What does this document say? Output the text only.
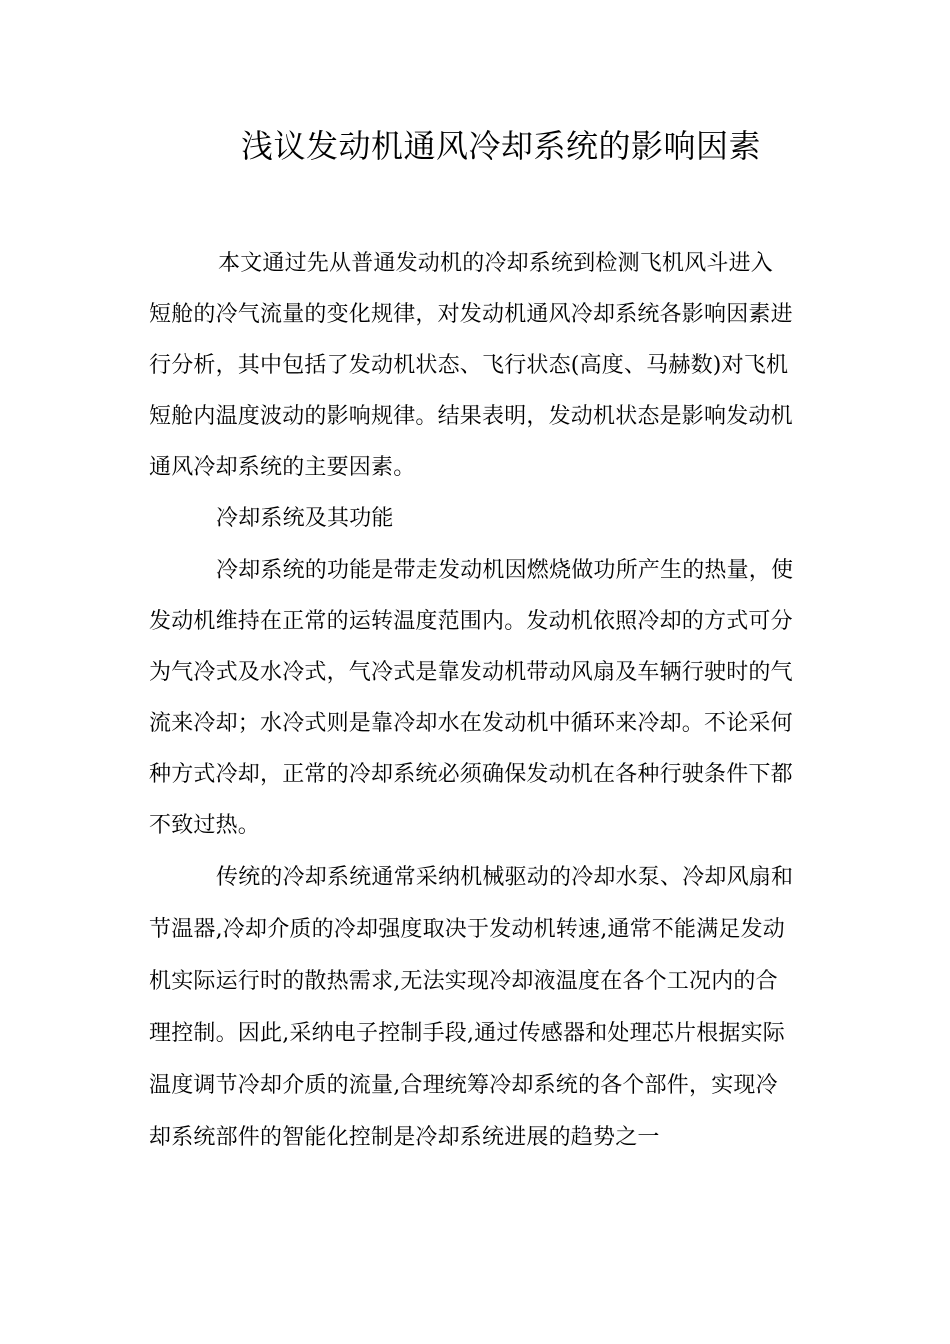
浅议发动机通风冷却系统的影响因素
本文通过先从普通发动机的冷却系统到检测飞机风斗进入
短舱的冷气流量的变化规律，对发动机通风冷却系统各影响因素进
行分析，其中包括了发动机状态、飞行状态(高度、马赫数)对飞机
短舱内温度波动的影响规律。结果表明，发动机状态是影响发动机
通风冷却系统的主要因素。
冷却系统及其功能
冷却系统的功能是带走发动机因燃烧做功所产生的热量，使
发动机维持在正常的运转温度范围内。发动机依照冷却的方式可分
为气冷式及水冷式，气冷式是靠发动机带动风扇及车辆行驶时的气
流来冷却；水冷式则是靠冷却水在发动机中循环来冷却。不论采何
种方式冷却，正常的冷却系统必须确保发动机在各种行驶条件下都
不致过热。
传统的冷却系统通常采纳机械驱动的冷却水泵、冷却风扇和
节温器,冷却介质的冷却强度取决于发动机转速,通常不能满足发动
机实际运行时的散热需求,无法实现冷却液温度在各个工况内的合
理控制。因此,采纳电子控制手段,通过传感器和处理芯片根据实际
温度调节冷却介质的流量,合理统筹冷却系统的各个部件，实现冷
却系统部件的智能化控制是冷却系统进展的趋势之一
